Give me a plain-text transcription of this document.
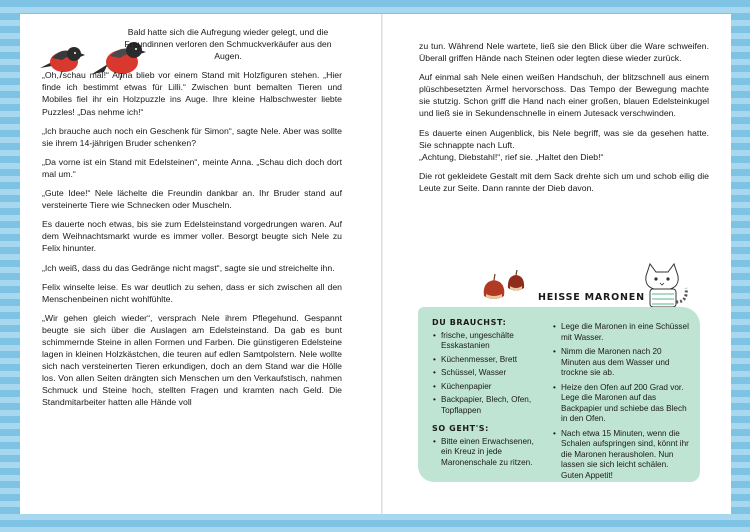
Bald hatte sich die Aufregung wieder gelegt, und die Freundinnen verloren den Schmuckverkäufer aus den Augen.

„Oh, schau mal!“ Anna blieb vor einem Stand mit Holzfiguren stehen. „Hier finde ich bestimmt etwas für Lilli.“ Zwischen bunt bemalten Tieren und Mobiles fiel ihr ein Holzpuzzle ins Auge. Ihre kleine Halbschwester liebte Puzzles! „Das nehme ich!“

„Ich brauche auch noch ein Geschenk für Simon“, sagte Nele. Aber was sollte sie ihrem 14-jährigen Bruder schenken?

„Da vorne ist ein Stand mit Edelsteinen“, meinte Anna. „Schau dich doch dort mal um.“

„Gute Idee!“ Nele lächelte die Freundin dankbar an. Ihr Bruder stand auf versteinerte Tiere wie Schnecken oder Muscheln.

Es dauerte noch etwas, bis sie zum Edelsteinstand vorgedrungen waren. Auf dem Weihnachtsmarkt wurde es immer voller. Besorgt beugte sich Nele zu Felix hinunter.

„Ich weiß, dass du das Gedränge nicht magst“, sagte sie und streichelte ihn.

Felix winselte leise. Es war deutlich zu sehen, dass er sich zwischen all den Menschenbeinen nicht wohlfühlte.

„Wir gehen gleich wieder“, versprach Nele ihrem Pflegehund. Gespannt beugte sie sich über die Auslagen am Edelsteinstand. Da gab es bunt schimmernde Steine in allen Formen und Farben. Die günstigeren Edelsteine lagen in kleinen Holzkästchen, die teuren auf edlen Samtpolstern. Nele wollte sich nach versteinerten Tieren erkundigen, doch an dem Stand war die Hölle los. Von allen Seiten drängten sich Menschen um den Verkaufstisch, nahmen Schmuck und Steine hoch, stellten Fragen und kramten nach Geld. Die Standmitarbeiter hatten alle Hände voll

zu tun. Während Nele wartete, ließ sie den Blick über die Ware schweifen. Überall griffen Hände nach Steinen oder legten diese wieder zurück.

Auf einmal sah Nele einen weißen Handschuh, der blitzschnell aus einem plüschbesetzten Ärmel hervorschoss. Das Tempo der Bewegung machte sie stutzig. Schon griff die Hand nach einer großen, blauen Edelsteinkugel und ließ sie in Sekundenschnelle in einem Jutesack verschwinden.

Es dauerte einen Augenblick, bis Nele begriff, was sie da gesehen hatte. Sie schnappte nach Luft.
„Achtung, Diebstahl!“, rief sie. „Haltet den Dieb!“

Die rot gekleidete Gestalt mit dem Sack drehte sich um und schob eilig die Leute zur Seite. Dann rannte der Dieb davon.

HEISSE MARONEN
DU BRAUCHST:
• frische, ungeschälte Esskastanien
• Küchenmesser, Brett
• Schüssel, Wasser
• Küchenpapier
• Backpapier, Blech, Ofen, Topflappen
SO GEHT'S:
• Bitte einen Erwachsenen, ein Kreuz in jede Maronenschale zu ritzen.
• Lege die Maronen in eine Schüssel mit Wasser.
• Nimm die Maronen nach 20 Minuten aus dem Wasser und trockne sie ab.
• Heize den Ofen auf 200 Grad vor. Lege die Maronen auf das Backpapier und schiebe das Blech in den Ofen.
• Nach etwa 15 Minuten, wenn die Schalen aufspringen sind, könnt ihr die Maronen herausholen. Nun lassen sie sich leicht schälen. Guten Appetit!
